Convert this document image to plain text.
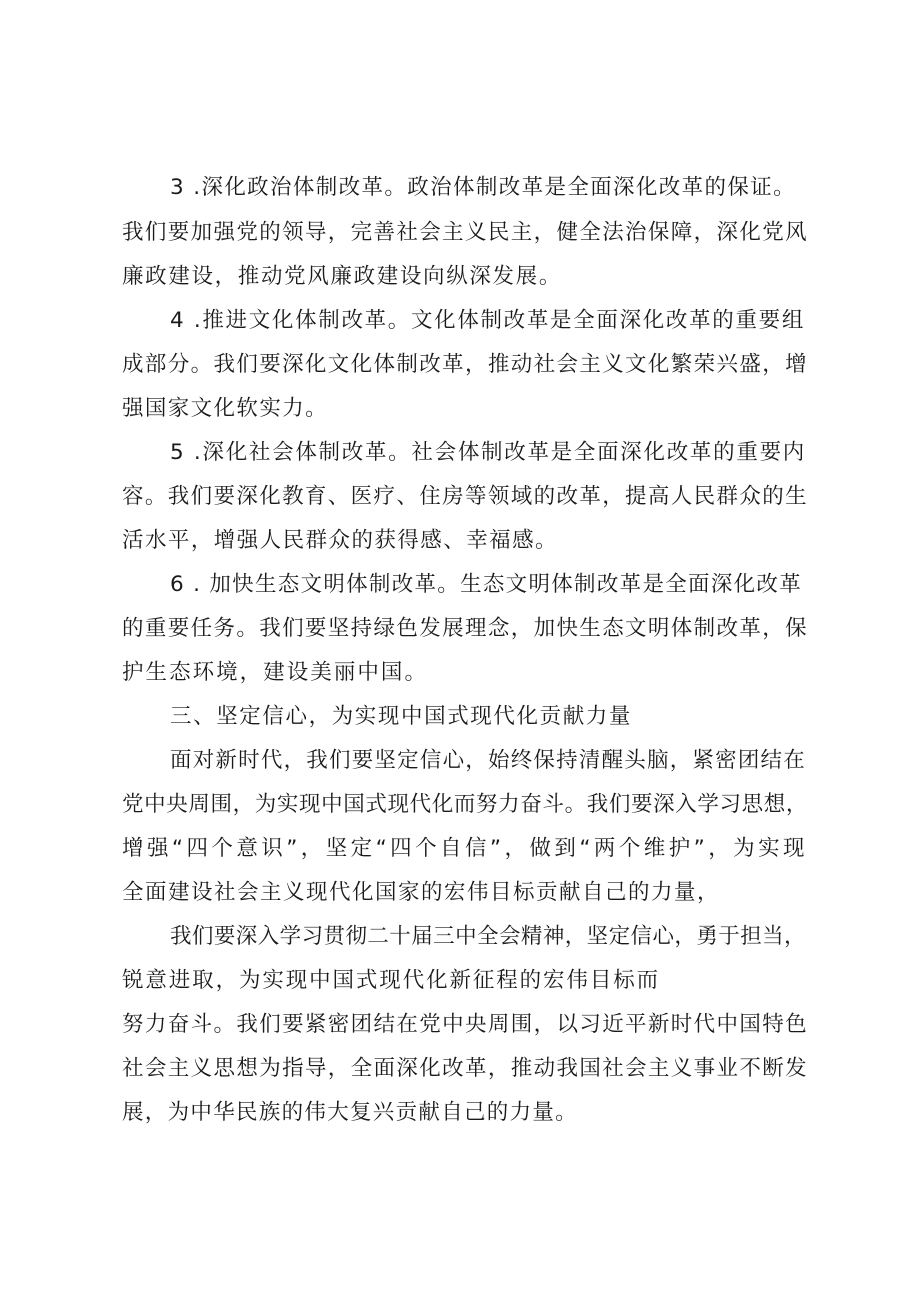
3 .深化政治体制改革。政治体制改革是全面深化改革的保证。
我们要加强党的领导，完善社会主义民主，健全法治保障，深化党风
廉政建设，推动党风廉政建设向纵深发展。
4 .推进文化体制改革。文化体制改革是全面深化改革的重要组
成部分。我们要深化文化体制改革，推动社会主义文化繁荣兴盛，增
强国家文化软实力。
5 .深化社会体制改革。社会体制改革是全面深化改革的重要内
容。我们要深化教育、医疗、住房等领域的改革，提高人民群众的生
活水平，增强人民群众的获得感、幸福感。
6 . 加快生态文明体制改革。生态文明体制改革是全面深化改革
的重要任务。我们要坚持绿色发展理念，加快生态文明体制改革，保
护生态环境，建设美丽中国。
三、坚定信心，为实现中国式现代化贡献力量
面对新时代，我们要坚定信心，始终保持清醒头脑，紧密团结在
党中央周围，为实现中国式现代化而努力奋斗。我们要深入学习思想，
增强“四个意识”，坚定“四个自信”，做到“两个维护”，为实现
全面建设社会主义现代化国家的宏伟目标贡献自己的力量，
我们要深入学习贯彻二十届三中全会精神，坚定信心，勇于担当，
锐意进取，为实现中国式现代化新征程的宏伟目标而
努力奋斗。我们要紧密团结在党中央周围，以习近平新时代中国特色
社会主义思想为指导，全面深化改革，推动我国社会主义事业不断发
展，为中华民族的伟大复兴贡献自己的力量。
